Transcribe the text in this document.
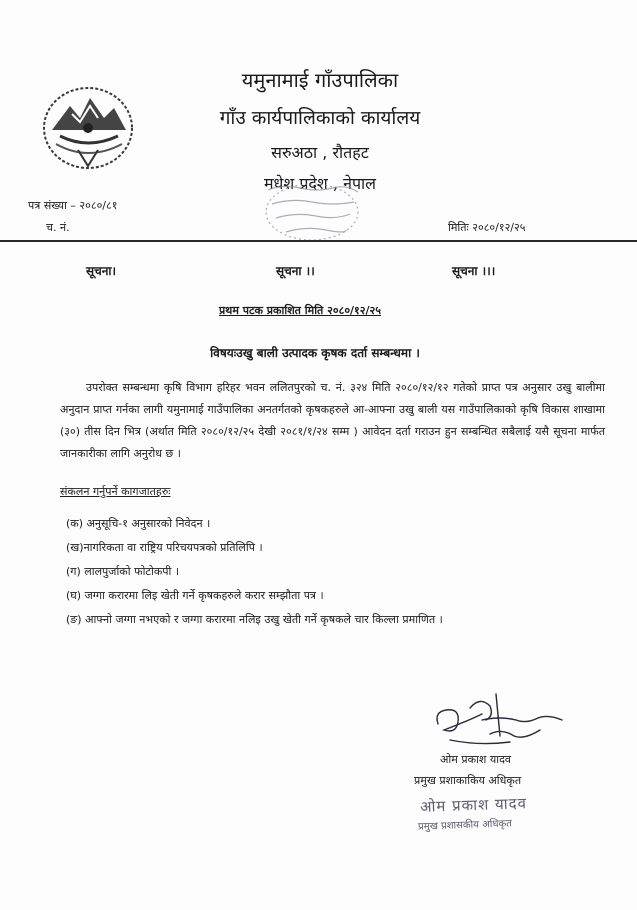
यमुनामाई गाँउपालिका
गाँउ कार्यपालिकाको कार्यालय
सरुअठा , रौतहट
मधेश प्रदेश , नेपाल
पत्र संख्या – २०८०/८१
च. नं.	मितिः २०८०/१२/२५
सूचना।	सूचना ।।	सूचना ।।।
प्रथम पटक प्रकाशित मिति २०८०/१२/२५
विषयःउखु बाली उत्पादक कृषक दर्ता सम्बन्धमा ।

उपरोक्त सम्बन्धमा कृषि विभाग हरिहर भवन ललितपुरको च. नं. ३२४ मिति २०८०/१२/१२ गतेको प्राप्त पत्र अनुसार उखु बालीमा अनुदान प्राप्त गर्नका लागी यमुनामाई गाउँपालिका अनतर्गतको कृषकहरुले आ-आफ्ना उखु बाली यस गाउँपालिकाको कृषि विकास शाखामा (३०) तीस दिन भित्र (अर्थात मिति २०८०/१२/२५ देखी २०८१/१/२४ सम्म ) आवेदन दर्ता गराउन हुन सम्बन्धित सबैलाई यसै सूचना मार्फत जानकारीका लागि अनुरोध छ ।

संकलन गर्नुपर्ने कागजातहरुः
(क) अनुसूचि-१ अनुसारको निवेदन ।
(ख)नागरिकता वा राष्ट्रिय परिचयपत्रको प्रतिलिपि ।
(ग) लालपुर्जाको फोटोकपी ।
(घ) जग्गा करारमा लिइ खेती गर्ने कृषकहरुले करार सम्झौता पत्र ।
(ङ) आफ्नो जग्गा नभएको र जग्गा करारमा नलिइ उखु खेती गर्ने कृषकले चार किल्ला प्रमाणित ।
ओम प्रकाश यादव
प्रमुख प्रशाकाकिय अधिकृत
ओम प्रकाश यादव
प्रमुख प्रशासकीय अधिकृत
